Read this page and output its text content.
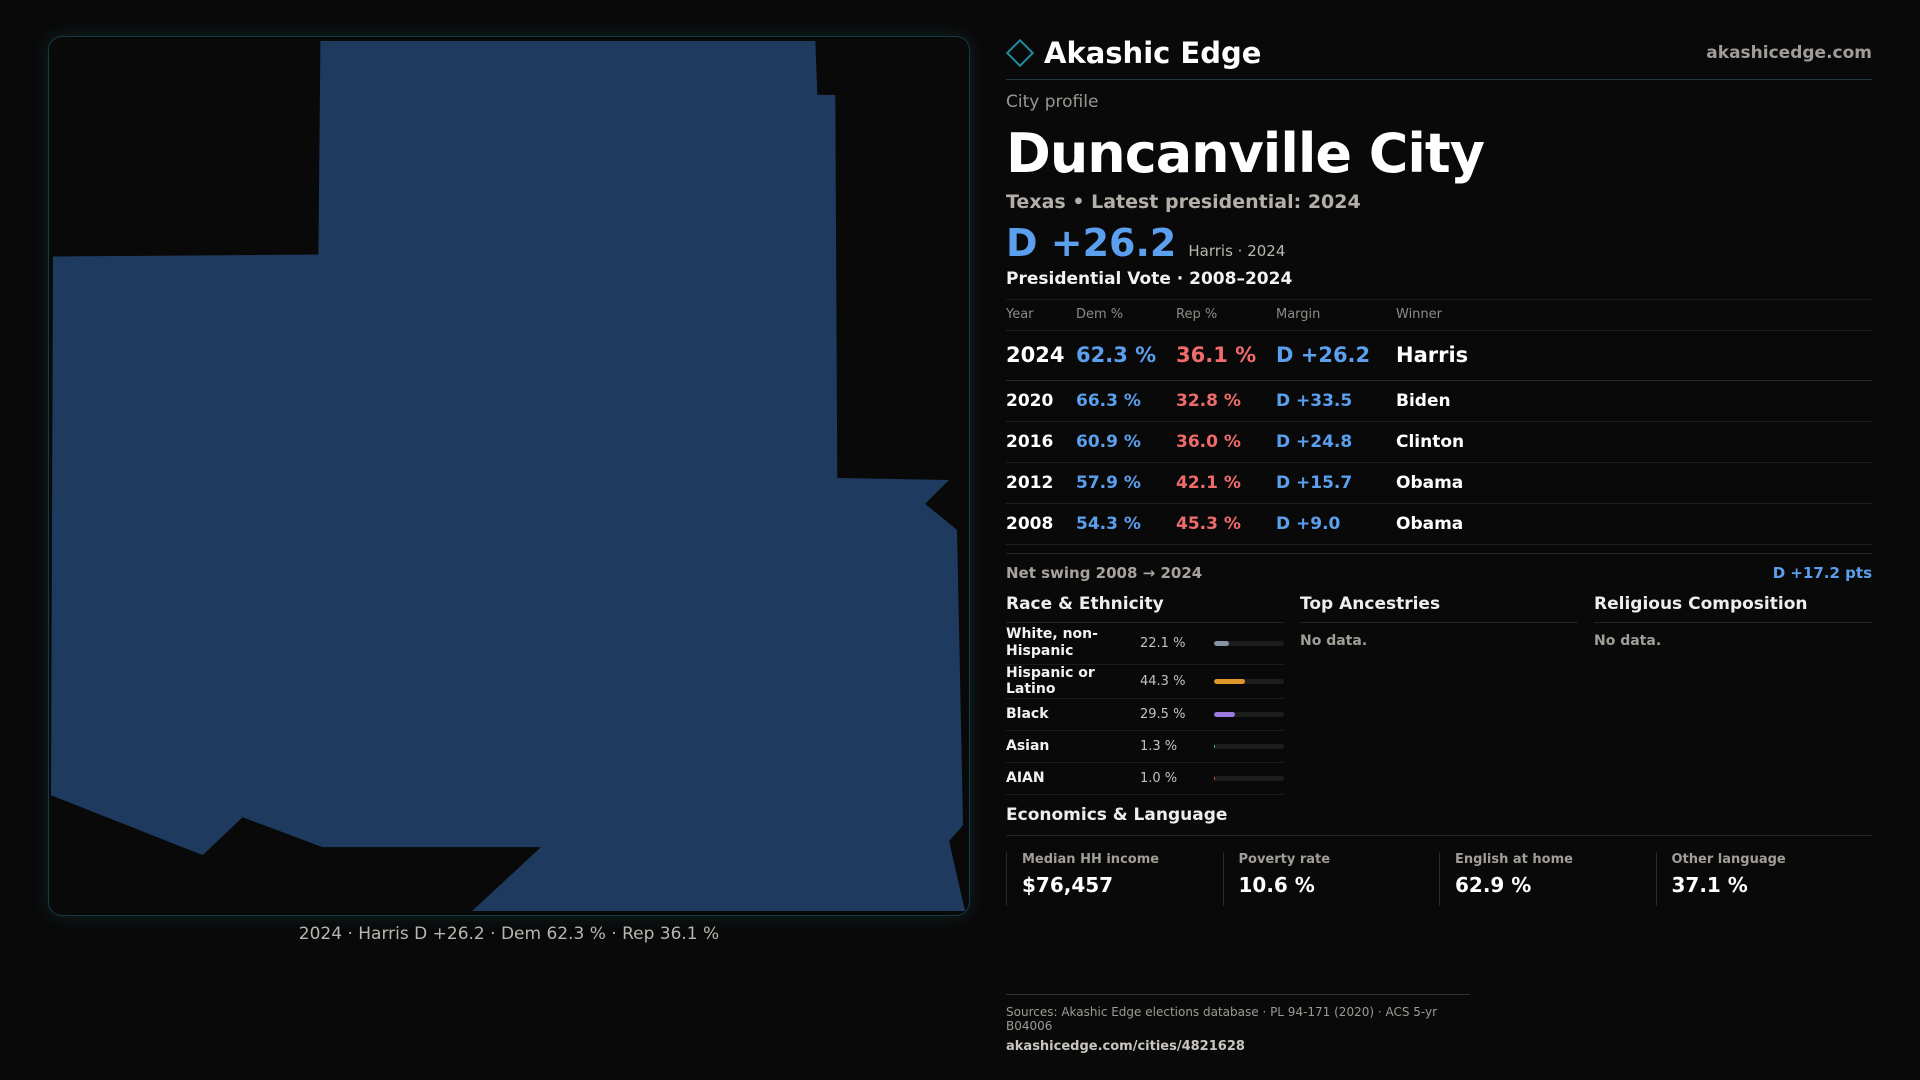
2024 · Harris D +26.2 · Dem 62.3 % · Rep 36.1 %
Akashic Edge	akashicedge.com
City profile
Duncanville City
Texas • Latest presidential: 2024
D +26.2 Harris · 2024
Presidential Vote · 2008–2024
Year	Dem %	Rep %	Margin	Winner
2024	62.3 %	36.1 %	D +26.2	Harris
2020	66.3 %	32.8 %	D +33.5	Biden
2016	60.9 %	36.0 %	D +24.8	Clinton
2012	57.9 %	42.1 %	D +15.7	Obama
2008	54.3 %	45.3 %	D +9.0	Obama
Net swing 2008 → 2024	D +17.2 pts
Race & Ethnicity
White, non-Hispanic	22.1 %
Hispanic or Latino	44.3 %
Black	29.5 %
Asian	1.3 %
AIAN	1.0 %
Top Ancestries
No data.
Religious Composition
No data.
Economics & Language
Median HH income
$76,457
Poverty rate
10.6 %
English at home
62.9 %
Other language
37.1 %
Sources: Akashic Edge elections database · PL 94-171 (2020) · ACS 5-yr B04006
akashicedge.com/cities/4821628
